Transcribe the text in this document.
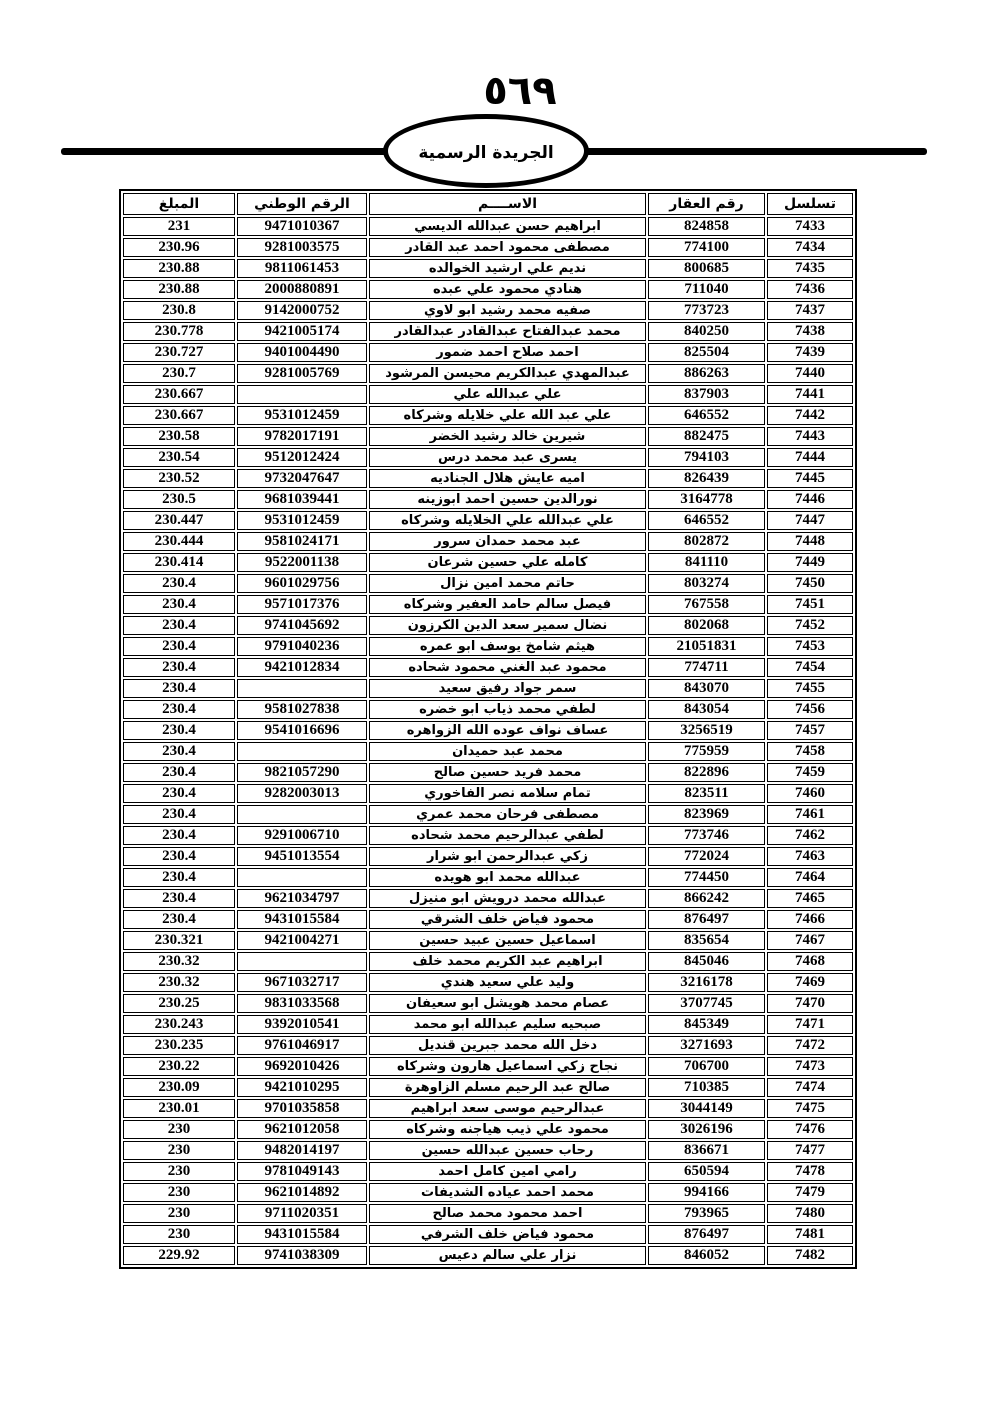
٥٦٩
الجريدة الرسمية
تسلسل	رقم العقار	الاســــم	الرقم الوطني	المبلغ
7433	824858	ابراهيم حسن عبدالله الديسي	9471010367	231
7434	774100	مصطفى محمود احمد عبد القادر	9281003575	230.96
7435	800685	نديم علي ارشيد الخوالده	9811061453	230.88
7436	711040	هنادي محمود علي عبده	2000880891	230.88
7437	773723	صفيه محمد رشيد ابو لاوي	9142000752	230.8
7438	840250	محمد عبدالفتاح عبدالقادر عبدالقادر	9421005174	230.778
7439	825504	احمد صلاح احمد ضمور	9401004490	230.727
7440	886263	عبدالمهدي عبدالكريم محيسن المرشود	9281005769	230.7
7441	837903	علي عبدالله علي		230.667
7442	646552	علي عبد الله علي خلايله وشركاه	9531012459	230.667
7443	882475	شيرين خالد رشيد الخضر	9782017191	230.58
7444	794103	يسرى عبد محمد درس	9512012424	230.54
7445	826439	اميه عايش هلال الجناديه	9732047647	230.52
7446	3164778	نورالدين حسين احمد ابوزينه	9681039441	230.5
7447	646552	علي عبدالله علي الخلايله وشركاه	9531012459	230.447
7448	802872	عبد محمد حمدان سرور	9581024171	230.444
7449	841110	كامله علي حسين شرعان	9522001138	230.414
7450	803274	حاتم محمد امين نزال	9601029756	230.4
7451	767558	فيصل سالم حامد العفير وشركاه	9571017376	230.4
7452	802068	نضال سمير سعد الدين الكرزون	9741045692	230.4
7453	21051831	هيثم شامخ يوسف ابو عمره	9791040236	230.4
7454	774711	محمود عبد الغني محمود شحاده	9421012834	230.4
7455	843070	سمر جواد رفيق سعيد		230.4
7456	843054	لطفي محمد ذياب ابو خضره	9581027838	230.4
7457	3256519	عساف نواف عوده الله الزواهره	9541016696	230.4
7458	775959	محمد عبد حميدان		230.4
7459	822896	محمد فريد حسين صالح	9821057290	230.4
7460	823511	تمام سلامه نصر الفاخوري	9282003013	230.4
7461	823969	مصطفى فرحان محمد عمري		230.4
7462	773746	لطفي عبدالرحيم محمد شحاده	9291006710	230.4
7463	772024	زكي عبدالرحمن ابو شرار	9451013554	230.4
7464	774450	عبدالله محمد ابو هويده		230.4
7465	866242	عبدالله محمد درويش ابو منيزل	9621034797	230.4
7466	876497	محمود فياض خلف الشرقي	9431015584	230.4
7467	835654	اسماعيل حسين عبيد حسين	9421004271	230.321
7468	845046	ابراهيم عبد الكريم محمد خلف		230.32
7469	3216178	وليد علي سعيد هندي	9671032717	230.32
7470	3707745	عصام محمد هويشل ابو سعيفان	9831033568	230.25
7471	845349	صبحيه سليم عبدالله ابو محمد	9392010541	230.243
7472	3271693	دخل الله محمد جبرين قنديل	9761046917	230.235
7473	706700	نجاح زكي اسماعيل هارون وشركاه	9692010426	230.22
7474	710385	صالح عبد الرحيم مسلم الزاوهرة	9421010295	230.09
7475	3044149	عبدالرحيم موسى سعد ابراهيم	9701035858	230.01
7476	3026196	محمود علي ذيب هياجنه وشركاه	9621012058	230
7477	836671	رحاب حسين عبدالله حسين	9482014197	230
7478	650594	رامي امين كامل احمد	9781049143	230
7479	994166	محمد احمد عياده الشديفات	9621014892	230
7480	793965	احمد محمود محمد صالح	9711020351	230
7481	876497	محمود فياض خلف الشرفي	9431015584	230
7482	846052	نزار علي سالم دعيس	9741038309	229.92
